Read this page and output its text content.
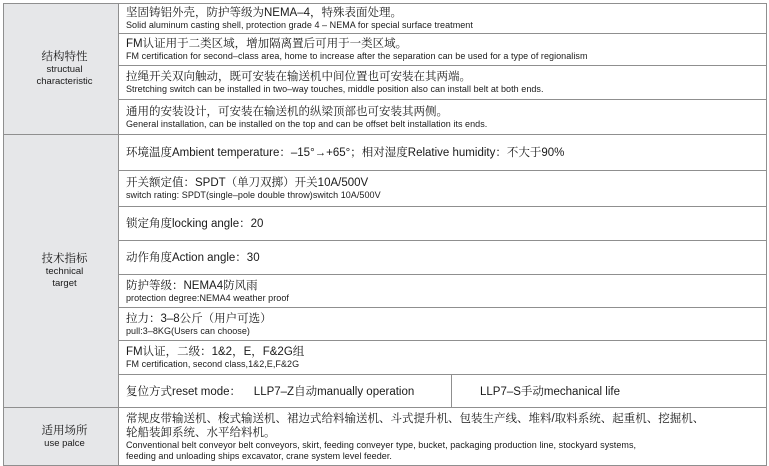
结构特性
structual
characteristic	坚固铸铝外壳，防护等级为NEMA–4，特殊表面处理。
Solid aluminum casting shell, protection grade 4 – NEMA for special surface treatment

	FM认证用于二类区域，增加隔离置后可用于一类区域。
FM certification for second–class area, home to increase after the separation can be used for a type of regionalism

	拉绳开关双向触动，既可安装在输送机中间位置也可安装在其两端。
Stretching switch can be installed in two–way touches, middle position also can install belt at both ends.

	通用的安装设计，可安装在输送机的纵梁顶部也可安装其两侧。
General installation, can be installed on the top and can be offset belt installation its ends.

技术指标
technical
target	环境温度Ambient temperature：–15°→+65°；相对湿度Relative humidity：不大于90%

	开关额定值：SPDT（单刀双掷）开关10A/500V
switch rating: SPDT(single–pole double throw)switch 10A/500V

	锁定角度locking angle：20

	动作角度Action angle：30

	防护等级：NEMA4防风雨
protection degree:NEMA4 weather proof

	拉力：3–8公斤（用户可选）
pull:3–8KG(Users can choose)

	FM认证，二级：1&2，E，F&2G组
FM certification, second class,1&2,E,F&2G

	复位方式reset mode：    LLP7–Z自动manually operation LLP7–S手动mechanical life

适用场所
use palce	常规皮带输送机、梭式输送机、裙边式给料输送机、斗式提升机、包装生产线、堆料/取料系统、起重机、挖掘机、
轮船装卸系统、水平给料机。
Conventional belt conveyor belt conveyors, skirt, feeding conveyer type, bucket, packaging production line, stockyard systems,
feeding and unloading ships excavator, crane system level feeder.
